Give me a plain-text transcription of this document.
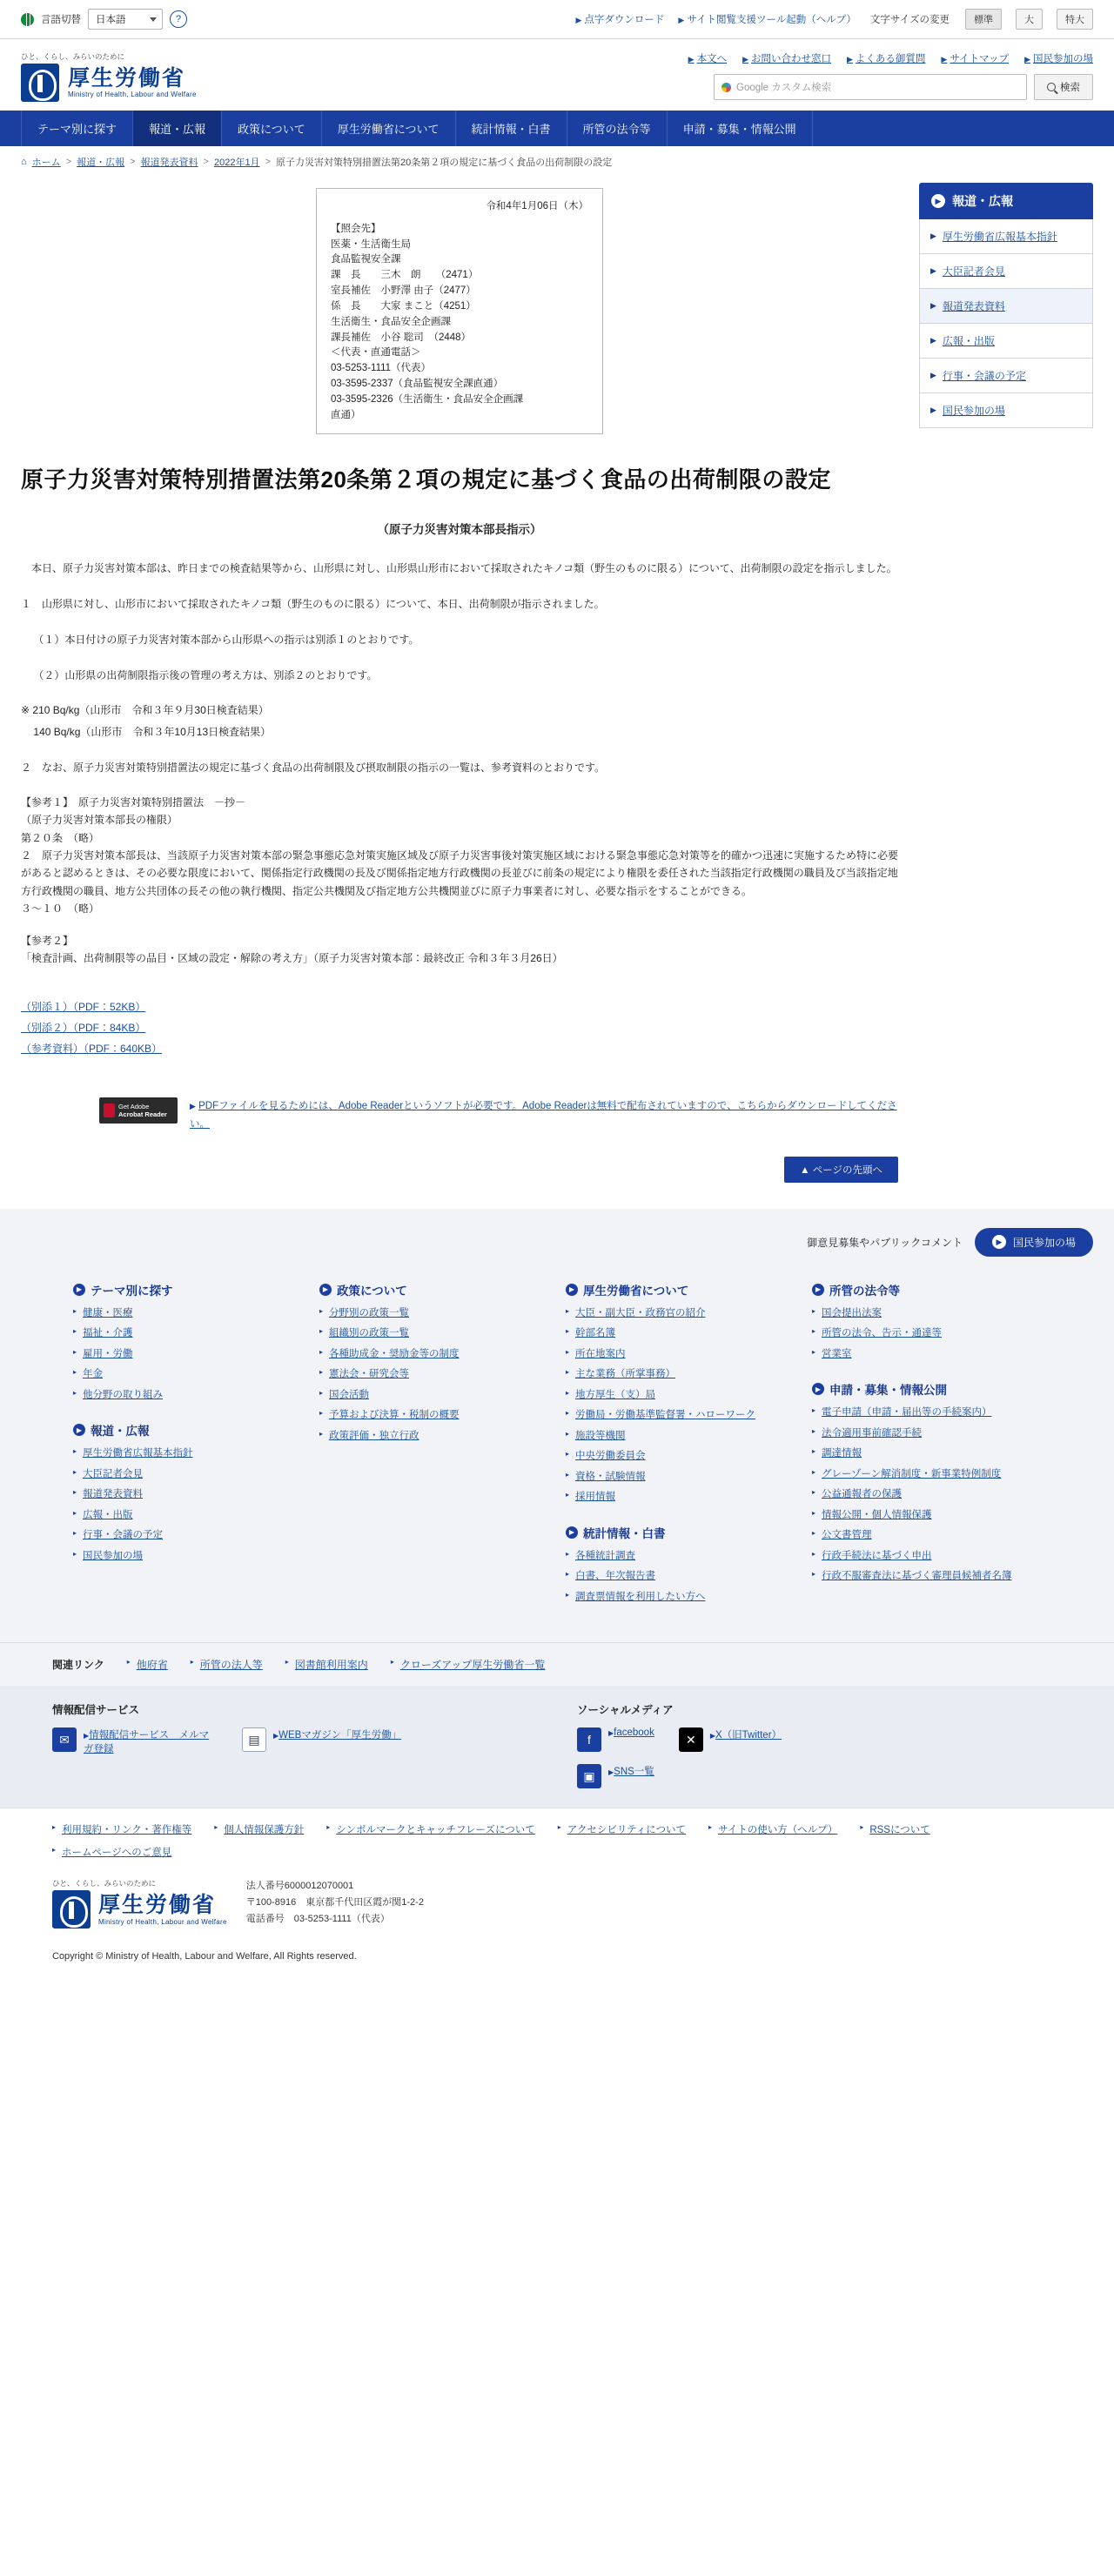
言語切替	日本語	?	▶ 点字ダウンロード ▶ サイト閲覧支援ツール起動（ヘルプ） 文字サイズの変更	標準	大	特大
ひと、くらし、みらいのために
厚生労働省
Ministry of Health, Labour and Welfare
▶ 本文へ ▶ お問い合わせ窓口 ▶ よくある御質問 ▶ サイトマップ ▶ 国民参加の場
Google カスタム検索	検索
テーマ別に探す	報道・広報	政策について	厚生労働省について	統計情報・白書	所管の法令等	申請・募集・情報公開
⌂ ホーム > 報道・広報 > 報道発表資料 > 2022年1月 > 原子力災害対策特別措置法第20条第２項の規定に基づく食品の出荷制限の設定
令和4年1月06日（木）
【照会先】
医薬・生活衛生局
食品監視安全課
課　長　　三木　朗　　（2471）
室長補佐　小野澤 由子（2477）
係　長　　大家 まこと（4251）
生活衛生・食品安全企画課
課長補佐　小谷 聡司　（2448）
＜代表・直通電話＞
03-5253-1111（代表）
03-3595-2337（食品監視安全課直通）
03-3595-2326（生活衛生・食品安全企画課
直通）
原子力災害対策特別措置法第20条第２項の規定に基づく食品の出荷制限の設定
（原子力災害対策本部長指示）

本日、原子力災害対策本部は、昨日までの検査結果等から、山形県に対し、山形県山形市において採取されたキノコ類（野生のものに限る）について、出荷制限の設定を指示しました。

１　山形県に対し、山形市において採取されたキノコ類（野生のものに限る）について、本日、出荷制限が指示されました。

（１）本日付けの原子力災害対策本部から山形県への指示は別添１のとおりです。

（２）山形県の出荷制限指示後の管理の考え方は、別添２のとおりです。

※ 210 Bq/kg（山形市　令和３年９月30日検査結果）

140 Bq/kg（山形市　令和３年10月13日検査結果）

２　なお、原子力災害対策特別措置法の規定に基づく食品の出荷制限及び摂取制限の指示の一覧は、参考資料のとおりです。

【参考１】　原子力災害対策特別措置法　－抄－
（原子力災害対策本部長の権限）
第２０条　（略）
２　原子力災害対策本部長は、当該原子力災害対策本部の緊急事態応急対策実施区域及び原子力災害事後対策実施区域における緊急事態応急対策等を的確かつ迅速に実施するため特に必要があると認めるときは、その必要な限度において、関係指定行政機関の長及び関係指定地方行政機関の長並びに前条の規定により権限を委任された当該指定行政機関の職員及び当該指定地方行政機関の職員、地方公共団体の長その他の執行機関、指定公共機関及び指定地方公共機関並びに原子力事業者に対し、必要な指示をすることができる。
３～１０　（略）
【参考２】
「検査計画、出荷制限等の品目・区域の設定・解除の考え方」（原子力災害対策本部：最終改正 令和３年３月26日）
（別添１）（PDF：52KB）
（別添２）（PDF：84KB）
（参考資料）（PDF：640KB）
Get Adobe
Acrobat Reader
▶ PDFファイルを見るためには、Adobe Readerというソフトが必要です。Adobe Readerは無料で配布されていますので、こちらからダウンロードしてください。
▲ ページの先頭へ
▶ 報道・広報
▶ 厚生労働省広報基本指針
▶ 大臣記者会見
▶ 報道発表資料
▶ 広報・出版
▶ 行事・会議の予定
▶ 国民参加の場
御意見募集やパブリックコメント	▶	国民参加の場
▶ テーマ別に探す
▸ 健康・医療
▸ 福祉・介護
▸ 雇用・労働
▸ 年金
▸ 他分野の取り組み
▶ 報道・広報
▸ 厚生労働省広報基本指針
▸ 大臣記者会見
▸ 報道発表資料
▸ 広報・出版
▸ 行事・会議の予定
▸ 国民参加の場
▶ 政策について
▸ 分野別の政策一覧
▸ 組織別の政策一覧
▸ 各種助成金・奨励金等の制度
▸ 憲法会・研究会等
▸ 国会活動
▸ 予算および決算・税制の概要
▸ 政策評価・独立行政
▶ 厚生労働省について
▸ 大臣・副大臣・政務官の紹介
▸ 幹部名簿
▸ 所在地案内
▸ 主な業務（所掌事務）
▸ 地方厚生（支）局
▸ 労働局・労働基準監督署・ハローワーク
▸ 施設等機関
▸ 中央労働委員会
▸ 資格・試験情報
▸ 採用情報
▶ 統計情報・白書
▸ 各種統計調査
▸ 白書、年次報告書
▸ 調査票情報を利用したい方へ
▶ 所管の法令等
▸ 国会提出法案
▸ 所管の法令、告示・通達等
▸ 営業室
▶ 申請・募集・情報公開
▸ 電子申請（申請・届出等の手続案内）
▸ 法令適用事前確認手続
▸ 調達情報
▸ グレーゾーン解消制度・新事業特例制度
▸ 公益通報者の保護
▸ 情報公開・個人情報保護
▸ 公文書管理
▸ 行政手続法に基づく申出
▸ 行政不服審査法に基づく審理員候補者名簿
関連リンク	▸ 他府省	▸ 所管の法人等	▸ 図書館利用案内	▸ クローズアップ厚生労働省一覧
情報配信サービス
✉	▶情報配信サービス　メルマガ登録
▤	▶WEBマガジン「厚生労働」
ソーシャルメディア
f	▶facebook
▣	▶SNS一覧
✕	▶X（旧Twitter）
▸ 利用規約・リンク・著作権等	▸ 個人情報保護方針	▸ シンボルマークとキャッチフレーズについて	▸ アクセシビリティについて	▸ サイトの使い方（ヘルプ）	▸ RSSについて
▸ ホームページへのご意見
ひと、くらし、みらいのために
厚生労働省
Ministry of Health, Labour and Welfare
法人番号6000012070001
〒100-8916　東京都千代田区霞が関1-2-2
電話番号　03-5253-1111（代表）
Copyright © Ministry of Health, Labour and Welfare, All Rights reserved.
